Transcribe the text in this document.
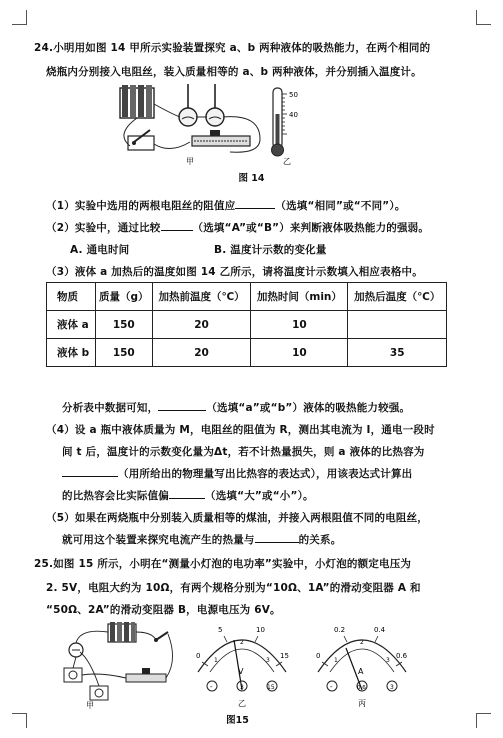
24.小明用如图 14 甲所示实验装置探究 a、b 两种液体的吸热能力，在两个相同的
烧瓶内分别接入电阻丝，装入质量相等的 a、b 两种液体，并分别插入温度计。
甲
50
40
乙
图 14
（1）实验中选用的两根电阻丝的阻值应	（选填“相同”或“不同”）。
（2）实验中，通过比较	（选填“A”或“B”）来判断液体吸热能力的强弱。
A. 通电时间	B. 温度计示数的变化量
（3）液体 a 加热后的温度如图 14 乙所示，请将温度计示数填入相应表格中。
物质	质量（g）	加热前温度（℃）	加热时间（min）	加热后温度（℃）
液体 a	150	20	10	
液体 b	150	20	10	35
分析表中数据可知，	（选填“a”或“b”）液体的吸热能力较强。
（4）设 a 瓶中液体质量为 M，电阻丝的阻值为 R，测出其电流为 I，通电一段时
间 t 后，温度计的示数变化量为Δt，若不计热量损失，则 a 液体的比热容为
（用所给出的物理量写出比热容的表达式），用该表达式计算出
的比热容会比实际值偏	（选填“大”或“小”）。
（5）如果在两烧瓶中分别装入质量相等的煤油，并接入两根阻值不同的电阻丝，
就可用这个装置来探究电流产生的热量与	的关系。
25.如图 15 所示，小明在“测量小灯泡的电功率”实验中，小灯泡的额定电压为
2. 5V，电阻大约为 10Ω，有两个规格分别为“10Ω、1A”的滑动变阻器 A 和
“50Ω、2A”的滑动变阻器 B，电源电压为 6V。
甲
0
5	10
15
1
2
3
V
-	3	15
乙
0
0.2	0.4
0.6
1
2
3
A
-	0.6	3
丙
图15
